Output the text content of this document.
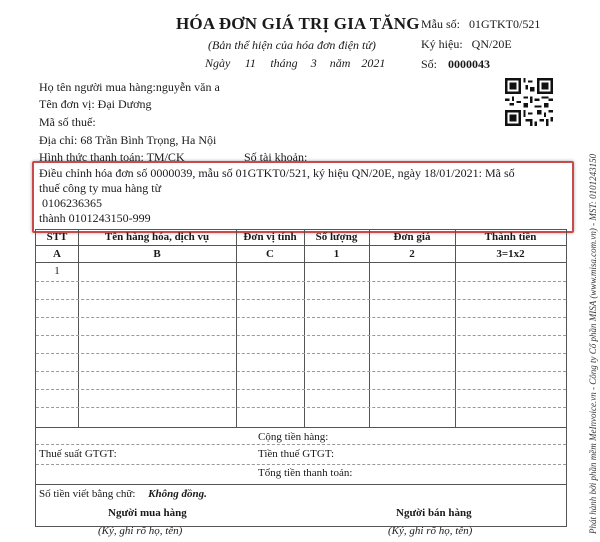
HÓA ĐƠN GIÁ TRỊ GIA TĂNG
(Bản thể hiện của hóa đơn điện tử)
Ngày 11 tháng 3 năm 2021
Mẫu số: 01GTKT0/521
Ký hiệu: QN/20E
Số: 0000043
Họ tên người mua hàng:nguyễn văn a
Tên đơn vị: Đại Dương
Mã số thuế:
Địa chỉ: 68 Trần Bình Trọng, Ha Nội
Hình thức thanh toán: TM/CK	Số tài khoản:
Điều chỉnh hóa đơn số 0000039, mẫu số 01GTKT0/521, ký hiệu QN/20E, ngày 18/01/2021: Mã số
thuế công ty mua hàng từ
0106236365
thành 0101243150-999
STT	Tên hàng hóa, dịch vụ	Đơn vị tính	Số lượng	Đơn giá	Thành tiền
A	B	C	1	2	3=1x2
1
Cộng tiền hàng:
Thuế suất GTGT:	Tiền thuế GTGT:
Tổng tiền thanh toán:
Số tiền viết bằng chữ: Không đồng.
Người mua hàng
(Ký, ghi rõ họ, tên)
Người bán hàng
(Ký, ghi rõ họ, tên)	Phát hành bởi phần mềm MeInvoice.vn - Công ty Cổ phần MISA (www.misa.com.vn) - MST: 0101243150
